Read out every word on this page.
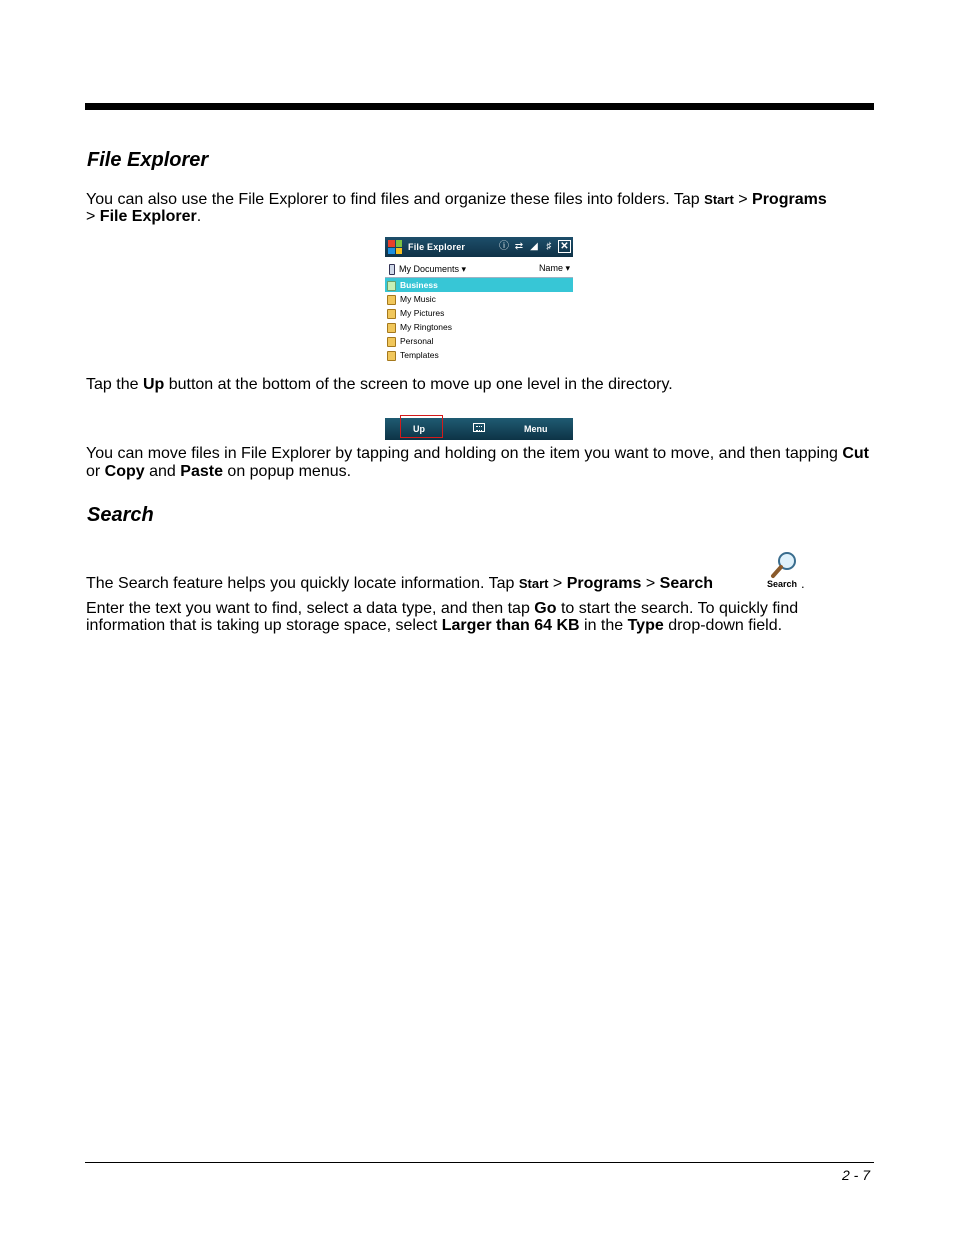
File Explorer

You can also use the File Explorer to find files and organize these files into folders. Tap Start > Programs
> File Explorer.

File Explorer	ⓘ ⇄ ◢ ♯ ✕
My Documents ▾	Name ▾
Business
My Music
My Pictures
My Ringtones
Personal
Templates

Tap the Up button at the bottom of the screen to move up one level in the directory.

Up	Menu

You can move files in File Explorer by tapping and holding on the item you want to move, and then tapping Cut or Copy and Paste on popup menus.

Search

The Search feature helps you quickly locate information. Tap Start > Programs > Search	Search .

Enter the text you want to find, select a data type, and then tap Go to start the search. To quickly find information that is taking up storage space, select Larger than 64 KB in the Type drop-down field.

2 - 7
